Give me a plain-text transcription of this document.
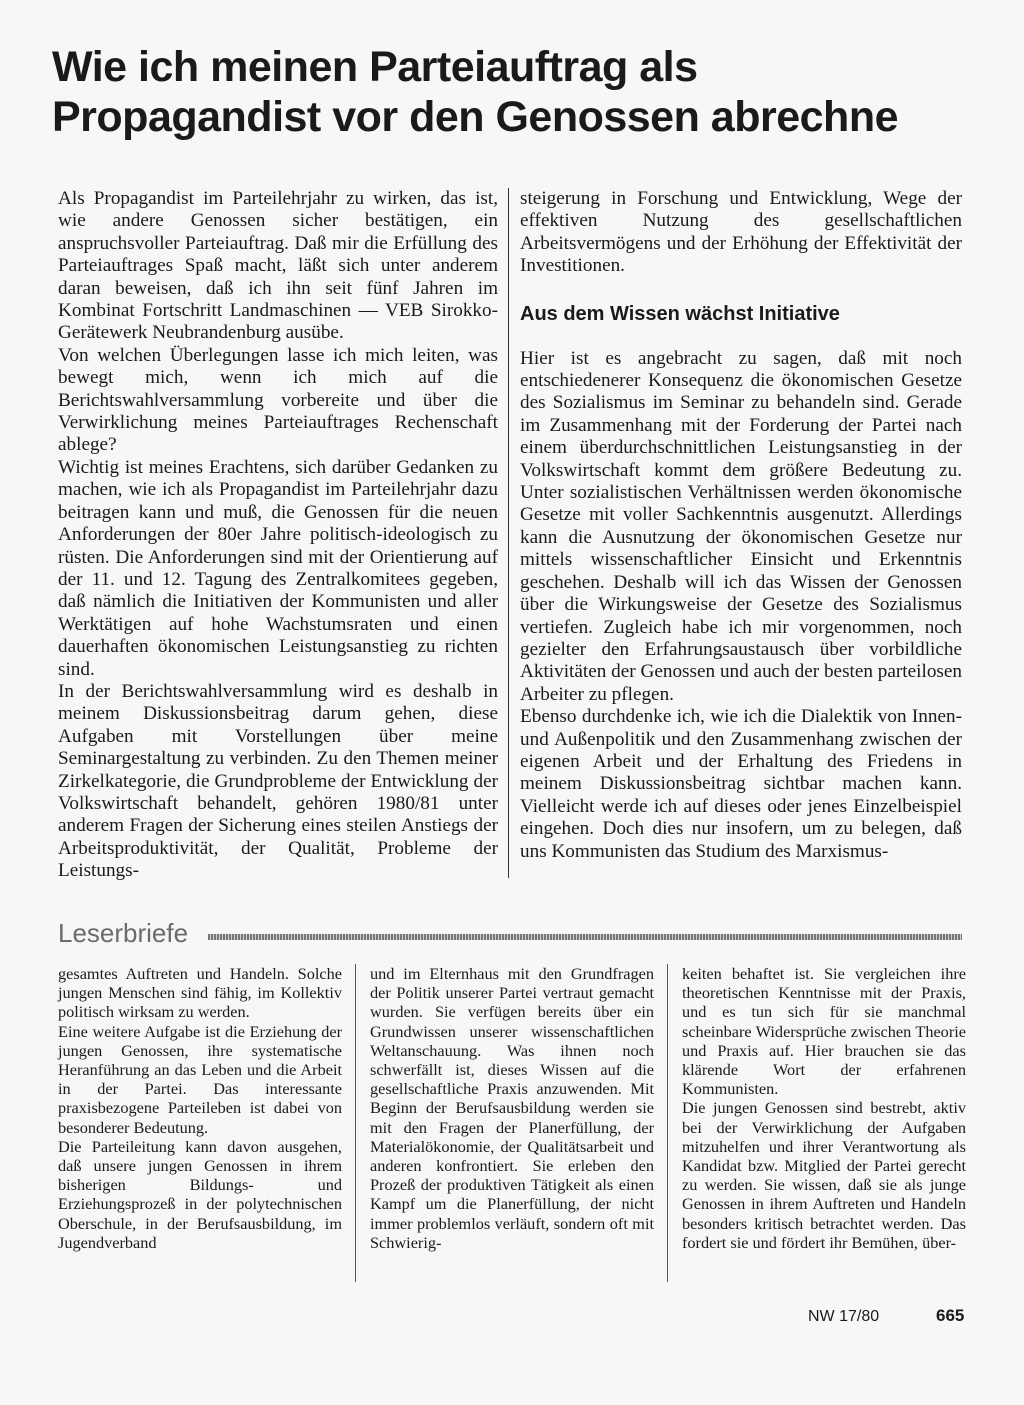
Wie ich meinen Parteiauftrag als
Propagandist vor den Genossen abrechne

Als Propagandist im Parteilehrjahr zu wirken, das ist, wie andere Genossen sicher bestätigen, ein anspruchsvoller Parteiauftrag. Daß mir die Erfüllung des Parteiauftrages Spaß macht, läßt sich unter anderem daran beweisen, daß ich ihn seit fünf Jahren im Kombinat Fortschritt Landmaschinen — VEB Sirokko-Gerätewerk Neubrandenburg ausübe.

Von welchen Überlegungen lasse ich mich leiten, was bewegt mich, wenn ich mich auf die Berichtswahlversammlung vorbereite und über die Verwirklichung meines Parteiauftrages Rechenschaft ablege?

Wichtig ist meines Erachtens, sich darüber Gedanken zu machen, wie ich als Propagandist im Parteilehrjahr dazu beitragen kann und muß, die Genossen für die neuen Anforderungen der 80er Jahre politisch-ideologisch zu rüsten. Die Anforderungen sind mit der Orientierung auf der 11. und 12. Tagung des Zentralkomitees gegeben, daß nämlich die Initiativen der Kommunisten und aller Werktätigen auf hohe Wachstumsraten und einen dauerhaften ökonomischen Leistungsanstieg zu richten sind.

In der Berichtswahlversammlung wird es deshalb in meinem Diskussionsbeitrag darum gehen, diese Aufgaben mit Vorstellungen über meine Seminargestaltung zu verbinden. Zu den Themen meiner Zirkelkategorie, die Grundprobleme der Entwicklung der Volkswirtschaft behandelt, gehören 1980/81 unter anderem Fragen der Sicherung eines steilen Anstiegs der Arbeitsproduktivität, der Qualität, Probleme der Leistungs-

steigerung in Forschung und Entwicklung, Wege der effektiven Nutzung des gesellschaftlichen Arbeitsvermögens und der Erhöhung der Effektivität der Investitionen.

Aus dem Wissen wächst Initiative

Hier ist es angebracht zu sagen, daß mit noch entschiedenerer Konsequenz die ökonomischen Gesetze des Sozialismus im Seminar zu behandeln sind. Gerade im Zusammenhang mit der Forderung der Partei nach einem überdurchschnittlichen Leistungsanstieg in der Volkswirtschaft kommt dem größere Bedeutung zu. Unter sozialistischen Verhältnissen werden ökonomische Gesetze mit voller Sachkenntnis ausgenutzt. Allerdings kann die Ausnutzung der ökonomischen Gesetze nur mittels wissenschaftlicher Einsicht und Erkenntnis geschehen. Deshalb will ich das Wissen der Genossen über die Wirkungsweise der Gesetze des Sozialismus vertiefen. Zugleich habe ich mir vorgenommen, noch gezielter den Erfahrungsaustausch über vorbildliche Aktivitäten der Genossen und auch der besten parteilosen Arbeiter zu pflegen.

Ebenso durchdenke ich, wie ich die Dialektik von Innen- und Außenpolitik und den Zusammenhang zwischen der eigenen Arbeit und der Erhaltung des Friedens in meinem Diskussionsbeitrag sichtbar machen kann. Vielleicht werde ich auf dieses oder jenes Einzelbeispiel eingehen. Doch dies nur insofern, um zu belegen, daß uns Kommunisten das Studium des Marxismus-

Leserbriefe

gesamtes Auftreten und Handeln. Solche jungen Menschen sind fähig, im Kollektiv politisch wirksam zu werden.

Eine weitere Aufgabe ist die Erziehung der jungen Genossen, ihre systematische Heranführung an das Leben und die Arbeit in der Partei. Das interessante praxisbezogene Parteileben ist dabei von besonderer Bedeutung.

Die Parteileitung kann davon ausgehen, daß unsere jungen Genossen in ihrem bisherigen Bildungs- und Erziehungsprozeß in der polytechnischen Oberschule, in der Berufsausbildung, im Jugendverband

und im Elternhaus mit den Grundfragen der Politik unserer Partei vertraut gemacht wurden. Sie verfügen bereits über ein Grundwissen unserer wissenschaftlichen Weltanschauung. Was ihnen noch schwerfällt ist, dieses Wissen auf die gesellschaftliche Praxis anzuwenden. Mit Beginn der Berufsausbildung werden sie mit den Fragen der Planerfüllung, der Materialökonomie, der Qualitätsarbeit und anderen konfrontiert. Sie erleben den Prozeß der produktiven Tätigkeit als einen Kampf um die Planerfüllung, der nicht immer problemlos verläuft, sondern oft mit Schwierig-

keiten behaftet ist. Sie vergleichen ihre theoretischen Kenntnisse mit der Praxis, und es tun sich für sie manchmal scheinbare Widersprüche zwischen Theorie und Praxis auf. Hier brauchen sie das klärende Wort der erfahrenen Kommunisten.

Die jungen Genossen sind bestrebt, aktiv bei der Verwirklichung der Aufgaben mitzuhelfen und ihrer Verantwortung als Kandidat bzw. Mitglied der Partei gerecht zu werden. Sie wissen, daß sie als junge Genossen in ihrem Auftreten und Handeln besonders kritisch betrachtet werden. Das fordert sie und fördert ihr Bemühen, über-

NW 17/80	665
